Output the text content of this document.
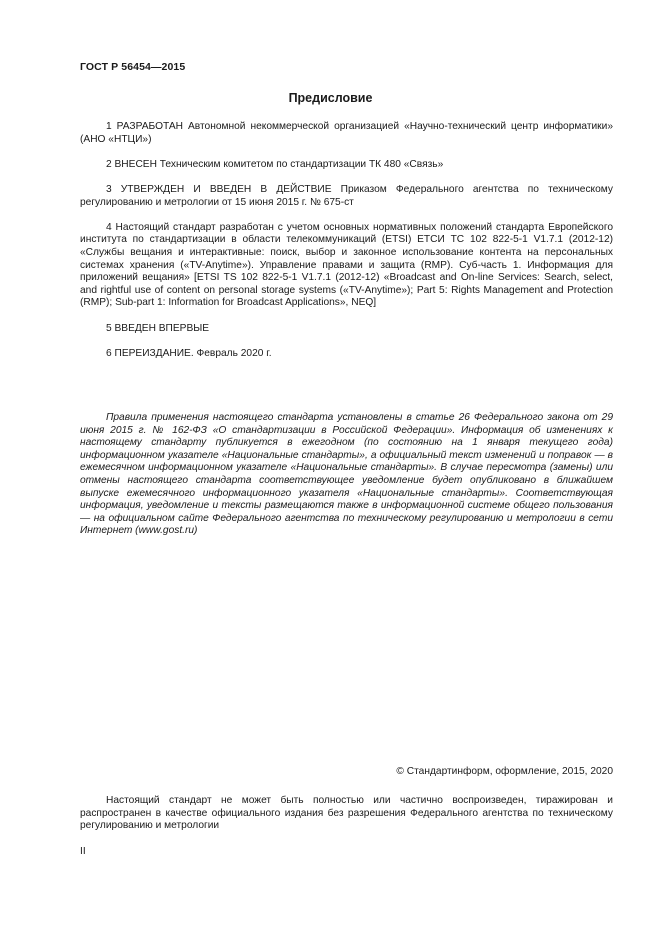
ГОСТ Р 56454—2015
Предисловие

1 РАЗРАБОТАН Автономной некоммерческой организацией «Научно-технический центр информатики» (АНО «НТЦИ»)

2 ВНЕСЕН Техническим комитетом по стандартизации ТК 480 «Связь»

3 УТВЕРЖДЕН И ВВЕДЕН В ДЕЙСТВИЕ Приказом Федерального агентства по техническому регулированию и метрологии от 15 июня 2015 г. № 675-ст

4 Настоящий стандарт разработан с учетом основных нормативных положений стандарта Европейского института по стандартизации в области телекоммуникаций (ETSI) ЕТСИ ТС 102 822-5-1 V1.7.1 (2012-12) «Службы вещания и интерактивные: поиск, выбор и законное использование контента на персональных системах хранения («TV-Anytime»). Управление правами и защита (RMP). Суб-часть 1. Информация для приложений вещания» [ETSI TS 102 822-5-1 V1.7.1 (2012-12) «Broadcast and On-line Services: Search, select, and rightful use of content on personal storage systems («TV-Anytime»); Part 5: Rights Management and Protection (RMP); Sub-part 1: Information for Broadcast Applications», NEQ]

5 ВВЕДЕН ВПЕРВЫЕ

6 ПЕРЕИЗДАНИЕ. Февраль 2020 г.

Правила применения настоящего стандарта установлены в статье 26 Федерального закона от 29 июня 2015 г. № 162-ФЗ «О стандартизации в Российской Федерации». Информация об изменениях к настоящему стандарту публикуется в ежегодном (по состоянию на 1 января текущего года) информационном указателе «Национальные стандарты», а официальный текст изменений и поправок — в ежемесячном информационном указателе «Национальные стандарты». В случае пересмотра (замены) или отмены настоящего стандарта соответствующее уведомление будет опубликовано в ближайшем выпуске ежемесячного информационного указателя «Национальные стандарты». Соответствующая информация, уведомление и тексты размещаются также в информационной системе общего пользования — на официальном сайте Федерального агентства по техническому регулированию и метрологии в сети Интернет (www.gost.ru)

© Стандартинформ, оформление, 2015, 2020

Настоящий стандарт не может быть полностью или частично воспроизведен, тиражирован и распространен в качестве официального издания без разрешения Федерального агентства по техническому регулированию и метрологии

II
